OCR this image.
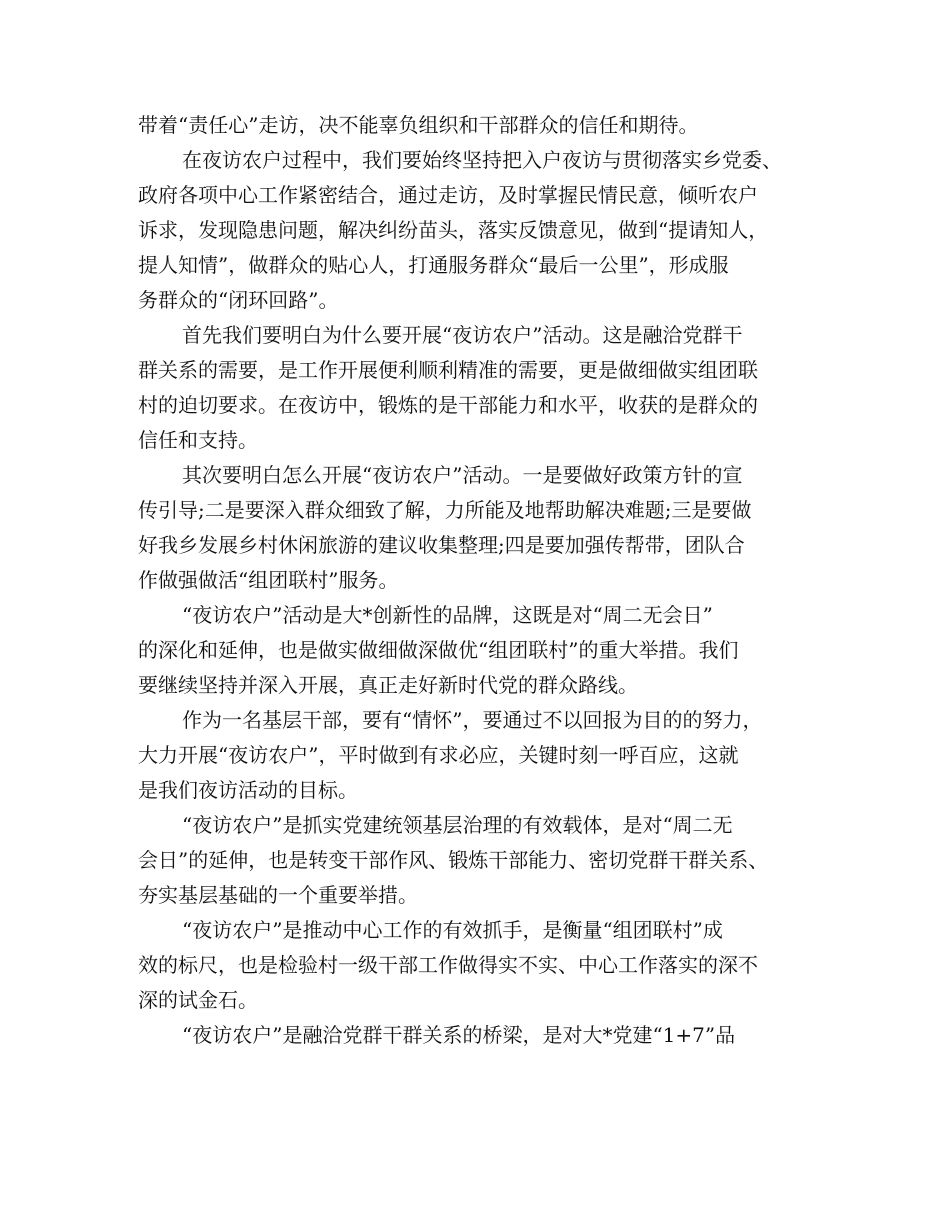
带着“责任心”走访，决不能辜负组织和干部群众的信任和期待。
在夜访农户过程中，我们要始终坚持把入户夜访与贯彻落实乡党委、
政府各项中心工作紧密结合，通过走访，及时掌握民情民意，倾听农户
诉求，发现隐患问题，解决纠纷苗头，落实反馈意见，做到“提请知人，
提人知情”，做群众的贴心人，打通服务群众“最后一公里”，形成服
务群众的“闭环回路”。
首先我们要明白为什么要开展“夜访农户”活动。这是融洽党群干
群关系的需要，是工作开展便利顺利精准的需要，更是做细做实组团联
村的迫切要求。在夜访中，锻炼的是干部能力和水平，收获的是群众的
信任和支持。
其次要明白怎么开展“夜访农户”活动。一是要做好政策方针的宣
传引导;二是要深入群众细致了解，力所能及地帮助解决难题;三是要做
好我乡发展乡村休闲旅游的建议收集整理;四是要加强传帮带，团队合
作做强做活“组团联村”服务。
“夜访农户”活动是大*创新性的品牌，这既是对“周二无会日”
的深化和延伸，也是做实做细做深做优“组团联村”的重大举措。我们
要继续坚持并深入开展，真正走好新时代党的群众路线。
作为一名基层干部，要有“情怀”，要通过不以回报为目的的努力，
大力开展“夜访农户”，平时做到有求必应，关键时刻一呼百应，这就
是我们夜访活动的目标。
“夜访农户”是抓实党建统领基层治理的有效载体，是对“周二无
会日”的延伸，也是转变干部作风、锻炼干部能力、密切党群干群关系、
夯实基层基础的一个重要举措。
“夜访农户”是推动中心工作的有效抓手，是衡量“组团联村”成
效的标尺，也是检验村一级干部工作做得实不实、中心工作落实的深不
深的试金石。
“夜访农户”是融洽党群干群关系的桥梁，是对大*党建“1+7”品
